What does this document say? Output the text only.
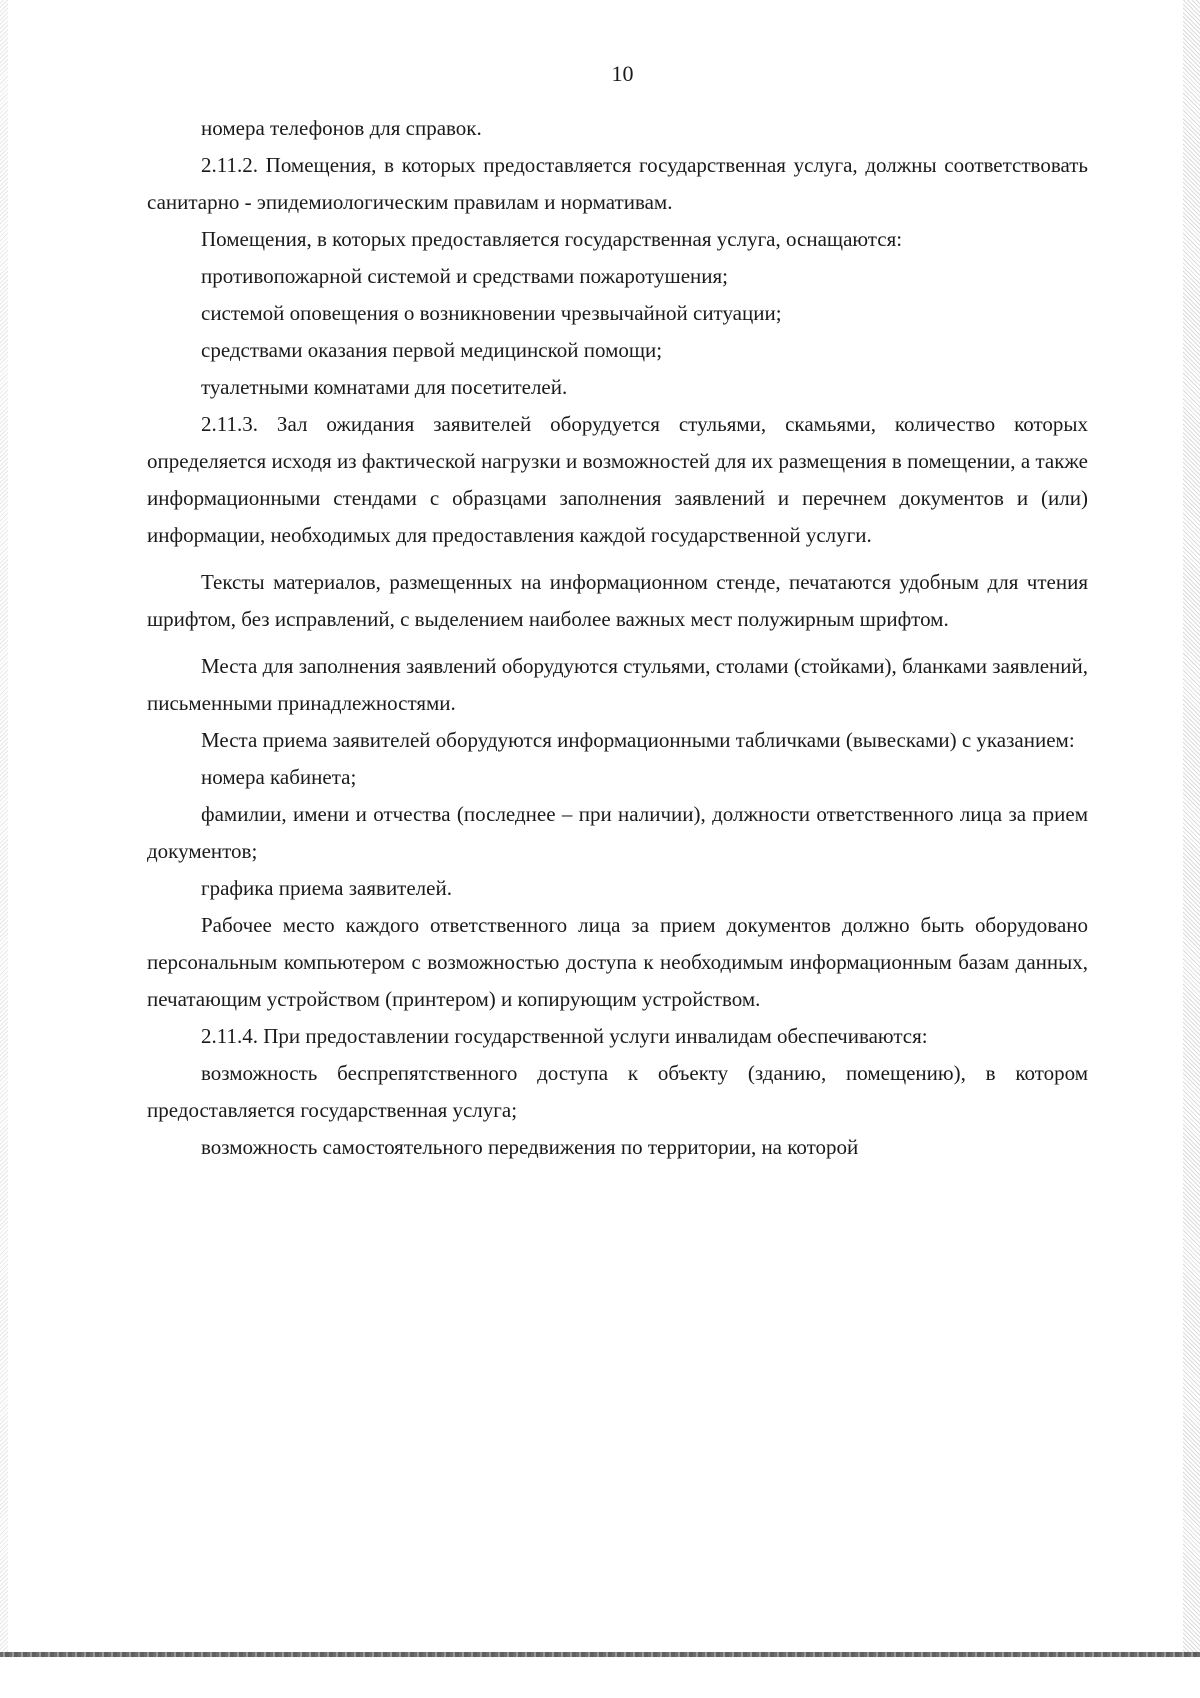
10

номера телефонов для справок.

2.11.2. Помещения, в которых предоставляется государственная услуга, должны соответствовать санитарно - эпидемиологическим правилам и нормативам.

Помещения, в которых предоставляется государственная услуга, оснащаются:

противопожарной системой и средствами пожаротушения;

системой оповещения о возникновении чрезвычайной ситуации;

средствами оказания первой медицинской помощи;

туалетными комнатами для посетителей.

2.11.3. Зал ожидания заявителей оборудуется стульями, скамьями, количество которых определяется исходя из фактической нагрузки и возможностей для их размещения в помещении, а также информационными стендами с образцами заполнения заявлений и перечнем документов и (или) информации, необходимых для предоставления каждой государственной услуги.

Тексты материалов, размещенных на информационном стенде, печатаются удобным для чтения шрифтом, без исправлений, с выделением наиболее важных мест полужирным шрифтом.

Места для заполнения заявлений оборудуются стульями, столами (стойками), бланками заявлений, письменными принадлежностями.

Места приема заявителей оборудуются информационными табличками (вывесками) с указанием:

номера кабинета;

фамилии, имени и отчества (последнее – при наличии), должности ответственного лица за прием документов;

графика приема заявителей.

Рабочее место каждого ответственного лица за прием документов должно быть оборудовано персональным компьютером с возможностью доступа к необходимым информационным базам данных, печатающим устройством (принтером) и копирующим устройством.

2.11.4. При предоставлении государственной услуги инвалидам обеспечиваются:

возможность беспрепятственного доступа к объекту (зданию, помещению), в котором предоставляется государственная услуга;

возможность самостоятельного передвижения по территории, на которой
